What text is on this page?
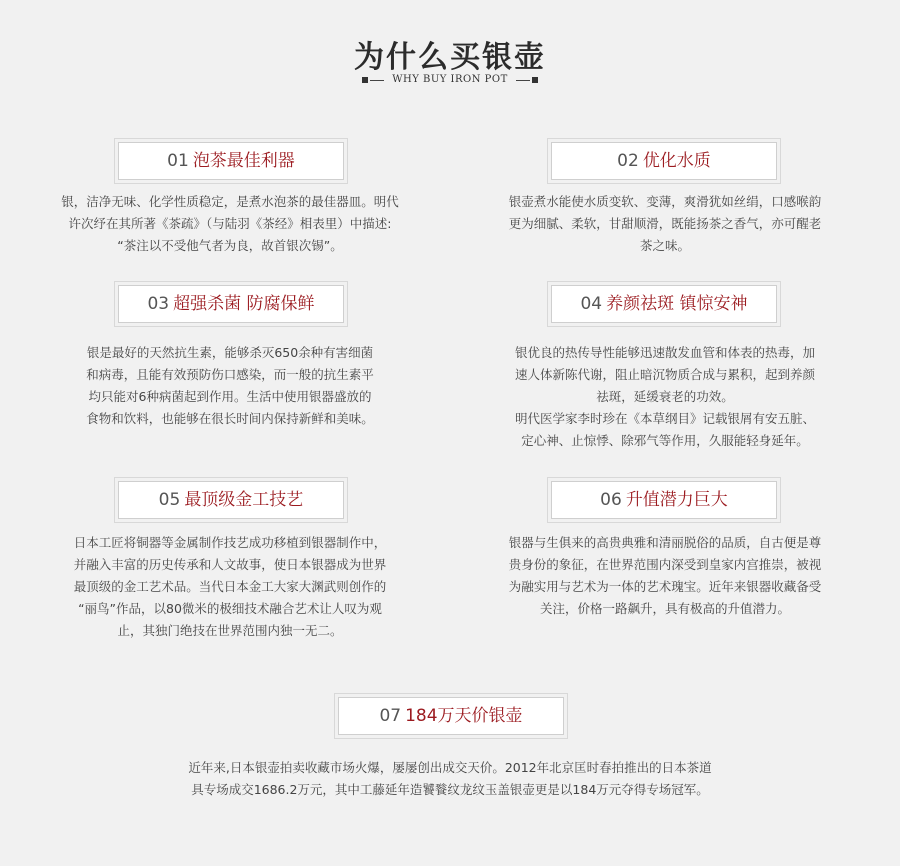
为什么买银壶
WHY BUY IRON POT
01 泡茶最佳利器

银，洁净无味、化学性质稳定，是煮水泡茶的最佳器皿。明代

许次纾在其所著《茶疏》（与陆羽《茶经》相表里）中描述:

“茶注以不受他气者为良，故首银次锡”。

02 优化水质

银壶煮水能使水质变软、变薄，爽滑犹如丝绢，口感喉韵

更为细腻、柔软，甘甜顺滑，既能扬茶之香气，亦可醒老

茶之味。

03 超强杀菌 防腐保鲜

银是最好的天然抗生素，能够杀灭650余种有害细菌

和病毒，且能有效预防伤口感染，而一般的抗生素平

均只能对6种病菌起到作用。生活中使用银器盛放的

食物和饮料，也能够在很长时间内保持新鲜和美味。

04 养颜祛斑 镇惊安神

银优良的热传导性能够迅速散发血管和体表的热毒，加

速人体新陈代谢，阻止暗沉物质合成与累积，起到养颜

祛斑，延缓衰老的功效。

明代医学家李时珍在《本草纲目》记载银屑有安五脏、

定心神、止惊悸、除邪气等作用，久服能轻身延年。

05 最顶级金工技艺

日本工匠将铜器等金属制作技艺成功移植到银器制作中，

并融入丰富的历史传承和人文故事，使日本银器成为世界

最顶级的金工艺术品。当代日本金工大家大渊武则创作的

“丽鸟”作品，以80微米的极细技术融合艺术让人叹为观

止，其独门绝技在世界范围内独一无二。

06 升值潜力巨大

银器与生俱来的高贵典雅和清丽脱俗的品质，自古便是尊

贵身份的象征，在世界范围内深受到皇家内宫推崇，被视

为融实用与艺术为一体的艺术瑰宝。近年来银器收藏备受

关注，价格一路飙升，具有极高的升值潜力。

07 184万天价银壶

近年来,日本银壶拍卖收藏市场火爆，屡屡创出成交天价。2012年北京匡时春拍推出的日本茶道

具专场成交1686.2万元，其中工藤延年造饕餮纹龙纹玉盖银壶更是以184万元夺得专场冠军。
